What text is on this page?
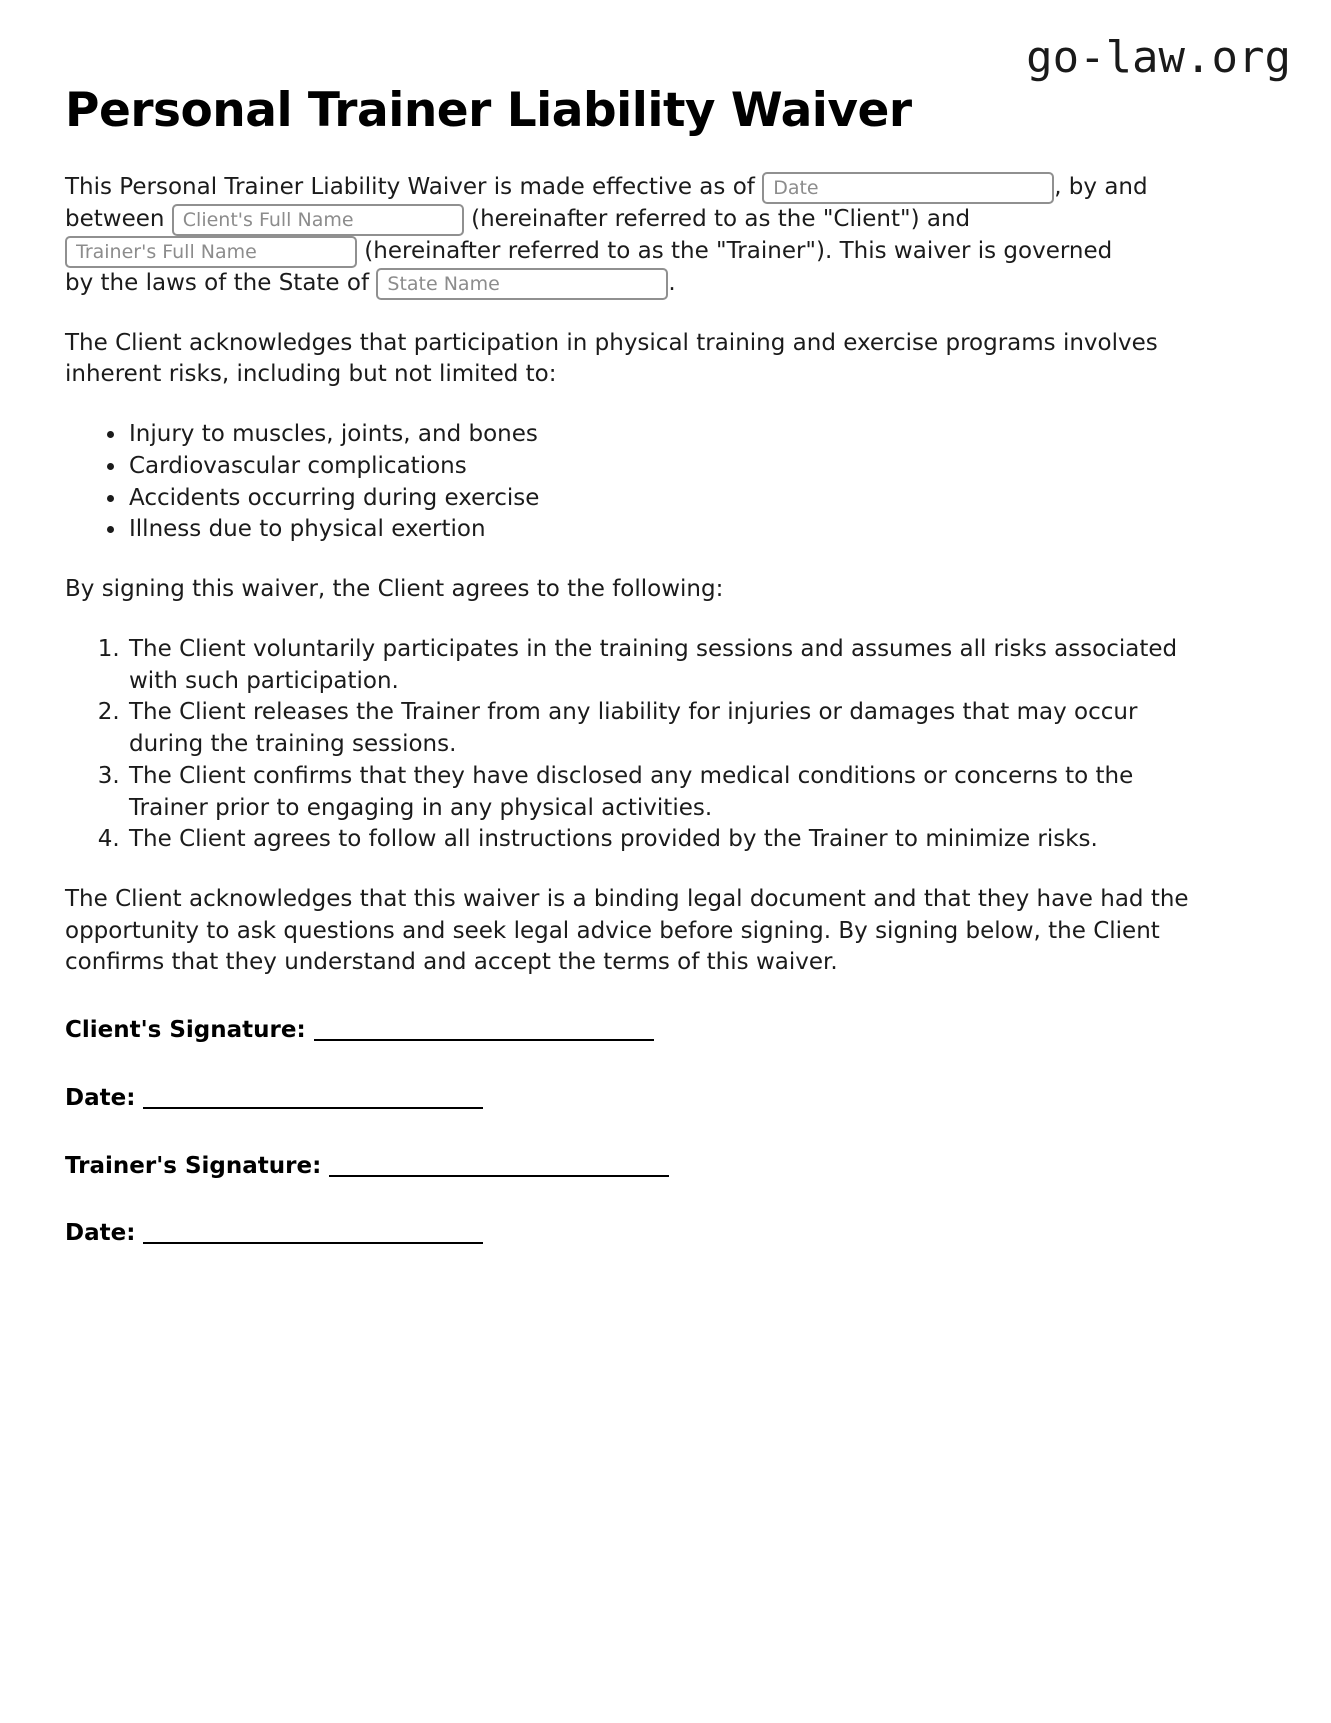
go-law.org
Personal Trainer Liability Waiver
This Personal Trainer Liability Waiver is made effective as of
Date	, by and
between
Client's Full Name	(hereinafter referred to as the "Client") and
Trainer's Full Name
(hereinafter referred to as the "Trainer"). This waiver is governed
by the laws of the State of
State Name	.

The Client acknowledges that participation in physical training and exercise programs involves inherent risks, including but not limited to:

• Injury to muscles, joints, and bones
• Cardiovascular complications
• Accidents occurring during exercise
• Illness due to physical exertion

By signing this waiver, the Client agrees to the following:

1. The Client voluntarily participates in the training sessions and assumes all risks associated with such participation.
2. The Client releases the Trainer from any liability for injuries or damages that may occur during the training sessions.
3. The Client confirms that they have disclosed any medical conditions or concerns to the Trainer prior to engaging in any physical activities.
4. The Client agrees to follow all instructions provided by the Trainer to minimize risks.

The Client acknowledges that this waiver is a binding legal document and that they have had the opportunity to ask questions and seek legal advice before signing. By signing below, the Client confirms that they understand and accept the terms of this waiver.

Client's Signature:
Date:
Trainer's Signature:
Date:
